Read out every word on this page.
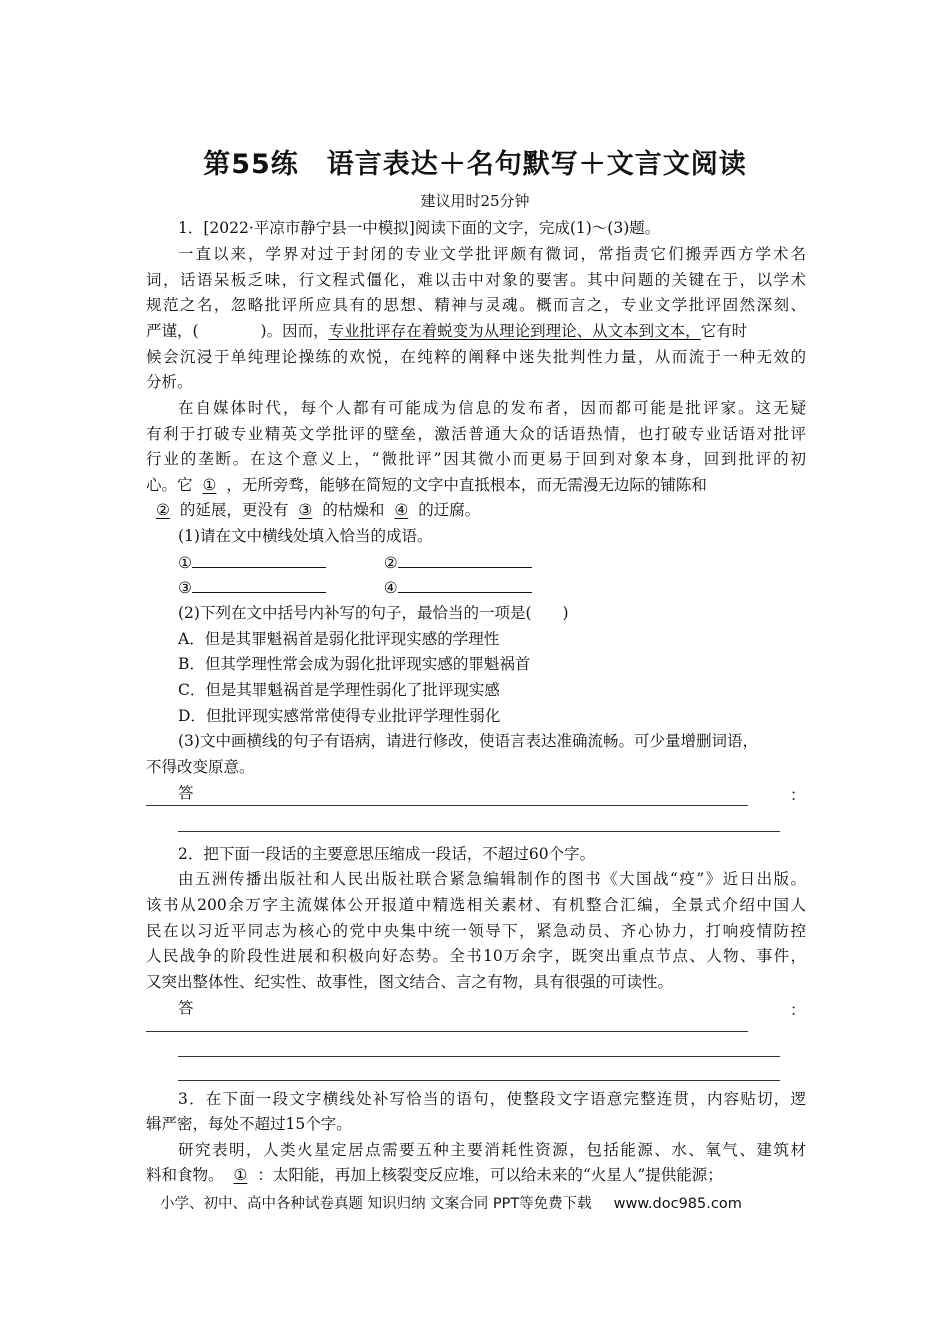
第55练　语言表达＋名句默写＋文言文阅读
建议用时25分钟
1．[2022·平凉市静宁县一中模拟]阅读下面的文字，完成(1)～(3)题。
一直以来，学界对过于封闭的专业文学批评颇有微词，常指责它们搬弄西方学术名
词，话语呆板乏味，行文程式僵化，难以击中对象的要害。其中问题的关键在于，以学术
规范之名，忽略批评所应具有的思想、精神与灵魂。概而言之，专业文学批评固然深刻、
严谨，(　　　　)。因而，专业批评存在着蜕变为从理论到理论、从文本到文本，它有时
候会沉浸于单纯理论操练的欢悦，在纯粹的阐释中迷失批判性力量，从而流于一种无效的
分析。
在自媒体时代，每个人都有可能成为信息的发布者，因而都可能是批评家。这无疑
有利于打破专业精英文学批评的壁垒，激活普通大众的话语热情，也打破专业话语对批评
行业的垄断。在这个意义上，“微批评”因其微小而更易于回到对象本身，回到批评的初
心。它 ① ，无所旁骛，能够在简短的文字中直抵根本，而无需漫无边际的铺陈和
② 的延展，更没有 ③ 的枯燥和 ④ 的迂腐。
(1)请在文中横线处填入恰当的成语。
①	②
③	④
(2)下列在文中括号内补写的句子，最恰当的一项是(　　)
A．但是其罪魁祸首是弱化批评现实感的学理性
B．但其学理性常会成为弱化批评现实感的罪魁祸首
C．但是其罪魁祸首是学理性弱化了批评现实感
D．但批评现实感常常使得专业批评学理性弱化
(3)文中画横线的句子有语病，请进行修改，使语言表达准确流畅。可少量增删词语，
不得改变原意。
答	：
2．把下面一段话的主要意思压缩成一段话，不超过60个字。
由五洲传播出版社和人民出版社联合紧急编辑制作的图书《大国战“疫”》近日出版。
该书从200余万字主流媒体公开报道中精选相关素材、有机整合汇编，全景式介绍中国人
民在以习近平同志为核心的党中央集中统一领导下，紧急动员、齐心协力，打响疫情防控
人民战争的阶段性进展和积极向好态势。全书10万余字，既突出重点节点、人物、事件，
又突出整体性、纪实性、故事性，图文结合、言之有物，具有很强的可读性。
答	：
3．在下面一段文字横线处补写恰当的语句，使整段文字语意完整连贯，内容贴切，逻
辑严密，每处不超过15个字。
研究表明，人类火星定居点需要五种主要消耗性资源，包括能源、水、氧气、建筑材
料和食物。 ① ：太阳能，再加上核裂变反应堆，可以给未来的“火星人”提供能源；
小学、初中、高中各种试卷真题 知识归纳 文案合同 PPT等免费下载 www.doc985.com
